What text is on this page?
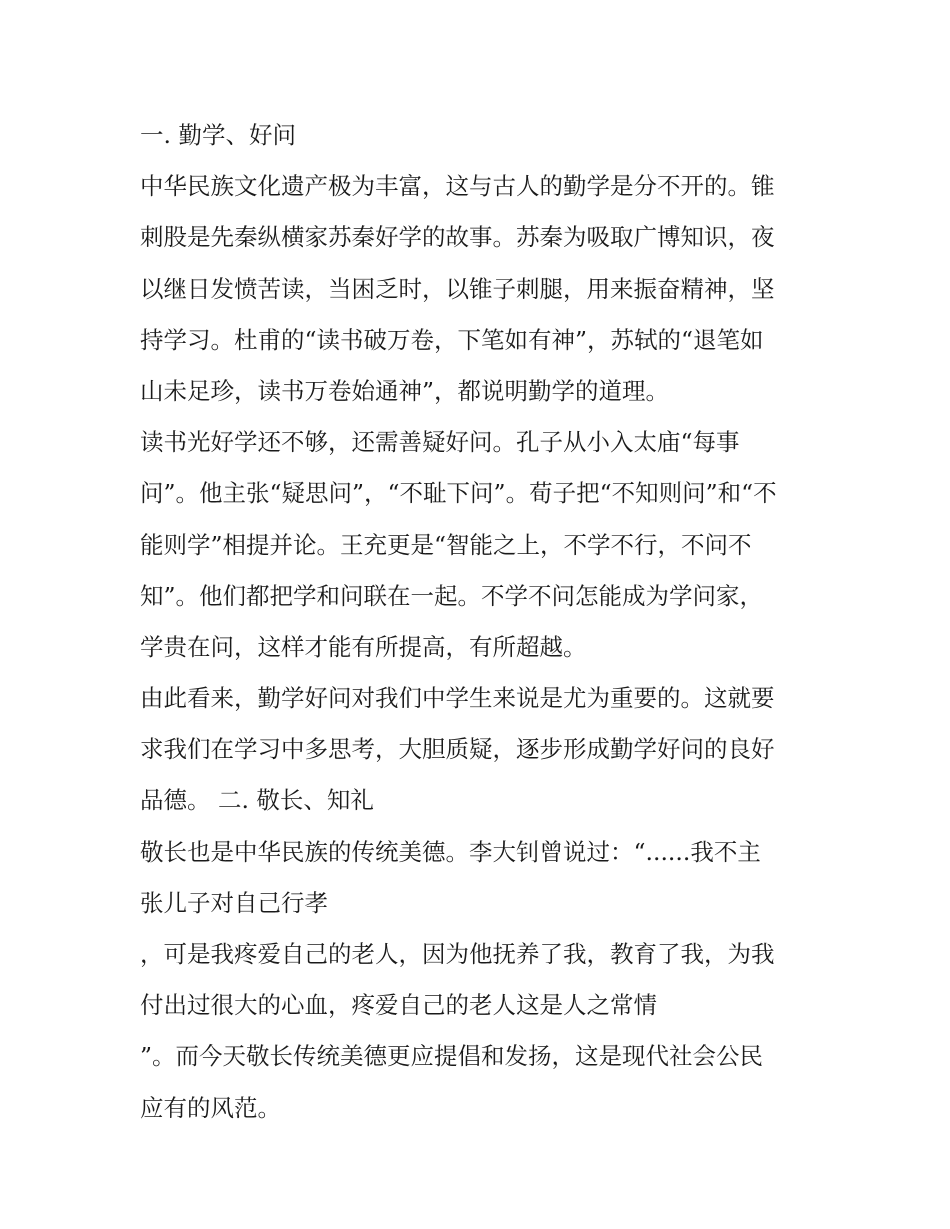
一. 勤学、好问
中华民族文化遗产极为丰富，这与古人的勤学是分不开的。锥
刺股是先秦纵横家苏秦好学的故事。苏秦为吸取广博知识，夜
以继日发愤苦读，当困乏时，以锥子刺腿，用来振奋精神，坚
持学习。杜甫的“读书破万卷，下笔如有神”，苏轼的“退笔如
山未足珍，读书万卷始通神”，都说明勤学的道理。
读书光好学还不够，还需善疑好问。孔子从小入太庙“每事
问”。他主张“疑思问”，“不耻下问”。荀子把“不知则问”和“不
能则学”相提并论。王充更是“智能之上，不学不行，不问不
知”。他们都把学和问联在一起。不学不问怎能成为学问家，
学贵在问，这样才能有所提高，有所超越。
由此看来，勤学好问对我们中学生来说是尤为重要的。这就要
求我们在学习中多思考，大胆质疑，逐步形成勤学好问的良好
品德。 二. 敬长、知礼
敬长也是中华民族的传统美德。李大钊曾说过：“......我不主
张儿子对自己行孝
，可是我疼爱自己的老人，因为他抚养了我，教育了我，为我
付出过很大的心血，疼爱自己的老人这是人之常情
”。而今天敬长传统美德更应提倡和发扬，这是现代社会公民
应有的风范。
